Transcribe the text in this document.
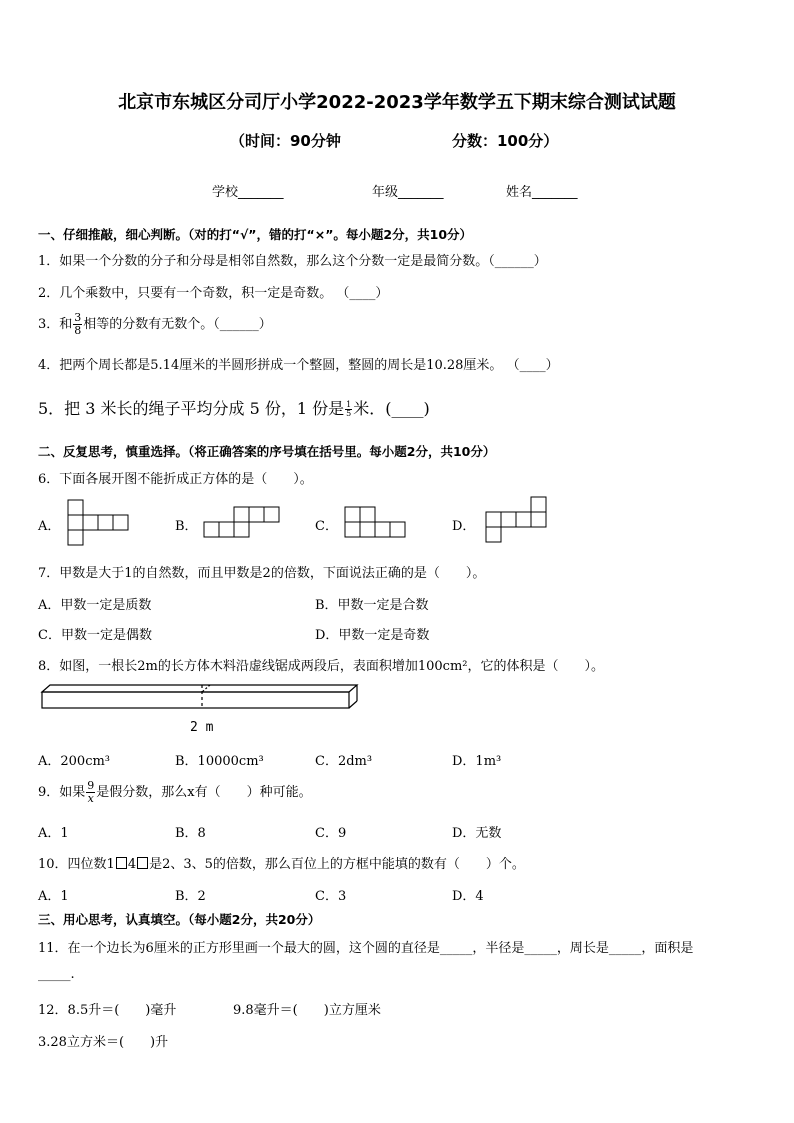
北京市东城区分司厅小学2022-2023学年数学五下期末综合测试试题
（时间：90分钟	分数：100分）
学校_______	年级_______	姓名_______
一、仔细推敲，细心判断。（对的打“√”，错的打“×”。每小题2分，共10分）
1．如果一个分数的分子和分母是相邻自然数，那么这个分数一定是最简分数。（______）
2．几个乘数中，只要有一个奇数，积一定是奇数。 （____）
3．和 $\frac{3}{8}$ 相等的分数有无数个。（______）
4．把两个周长都是5.14厘米的半圆形拼成一个整圆，整圆的周长是10.28厘米。 （____）
5．把 3 米长的绳子平均分成 5 份，1 份是 $\frac{1}{5}$ 米．(____)
二、反复思考，慎重选择。（将正确答案的序号填在括号里。每小题2分，共10分）
6．下面各展开图不能折成正方体的是（　　）。
A．	B．	C．	D．
7．甲数是大于1的自然数，而且甲数是2的倍数，下面说法正确的是（　　）。
A．甲数一定是质数	B．甲数一定是合数
C．甲数一定是偶数	D．甲数一定是奇数
8．如图，一根长2m的长方体木料沿虚线锯成两段后，表面积增加100cm²，它的体积是（　　）。
2 m
A．200cm³	B．10000cm³	C．2dm³	D．1m³
9．如果 $\frac{9}{x}$ 是假分数，那么x有（　　）种可能。
A．1	B．8	C．9	D．无数
10．四位数1 4 是2、3、5的倍数，那么百位上的方框中能填的数有（　　）个。
A．1	B．2	C．3	D．4
三、用心思考，认真填空。（每小题2分，共20分）
11．在一个边长为6厘米的正方形里画一个最大的圆，这个圆的直径是_____，半径是_____，周长是_____，面积是
_____.
12．8.5升＝(　　)毫升	9.8毫升＝(　　)立方厘米
3.28立方米＝(　　)升
